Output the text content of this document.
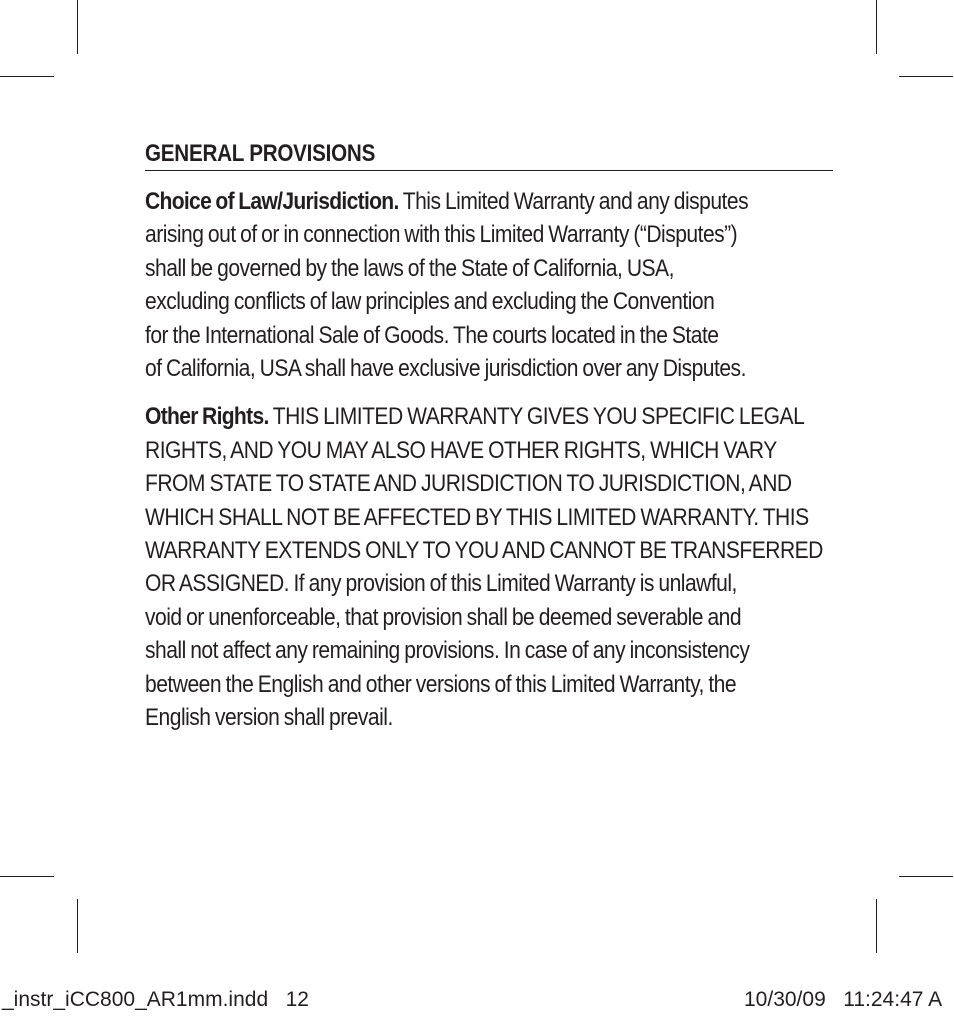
GENERAL PROVISIONS
Choice of Law/Jurisdiction. This Limited Warranty and any disputes
arising out of or in connection with this Limited Warranty (“Disputes”)
shall be governed by the laws of the State of California, USA,
excluding conflicts of law principles and excluding the Convention
for the International Sale of Goods. The courts located in the State
of California, USA shall have exclusive jurisdiction over any Disputes.
Other Rights. THIS LIMITED WARRANTY GIVES YOU SPECIFIC LEGAL
RIGHTS, AND YOU MAY ALSO HAVE OTHER RIGHTS, WHICH VARY
FROM STATE TO STATE AND JURISDICTION TO JURISDICTION, AND
WHICH SHALL NOT BE AFFECTED BY THIS LIMITED WARRANTY. THIS
WARRANTY EXTENDS ONLY TO YOU AND CANNOT BE TRANSFERRED
OR ASSIGNED. If any provision of this Limited Warranty is unlawful,
void or unenforceable, that provision shall be deemed severable and
shall not affect any remaining provisions. In case of any inconsistency
between the English and other versions of this Limited Warranty, the
English version shall prevail.
_instr_iCC800_AR1mm.indd   12	10/30/09   11:24:47 A
